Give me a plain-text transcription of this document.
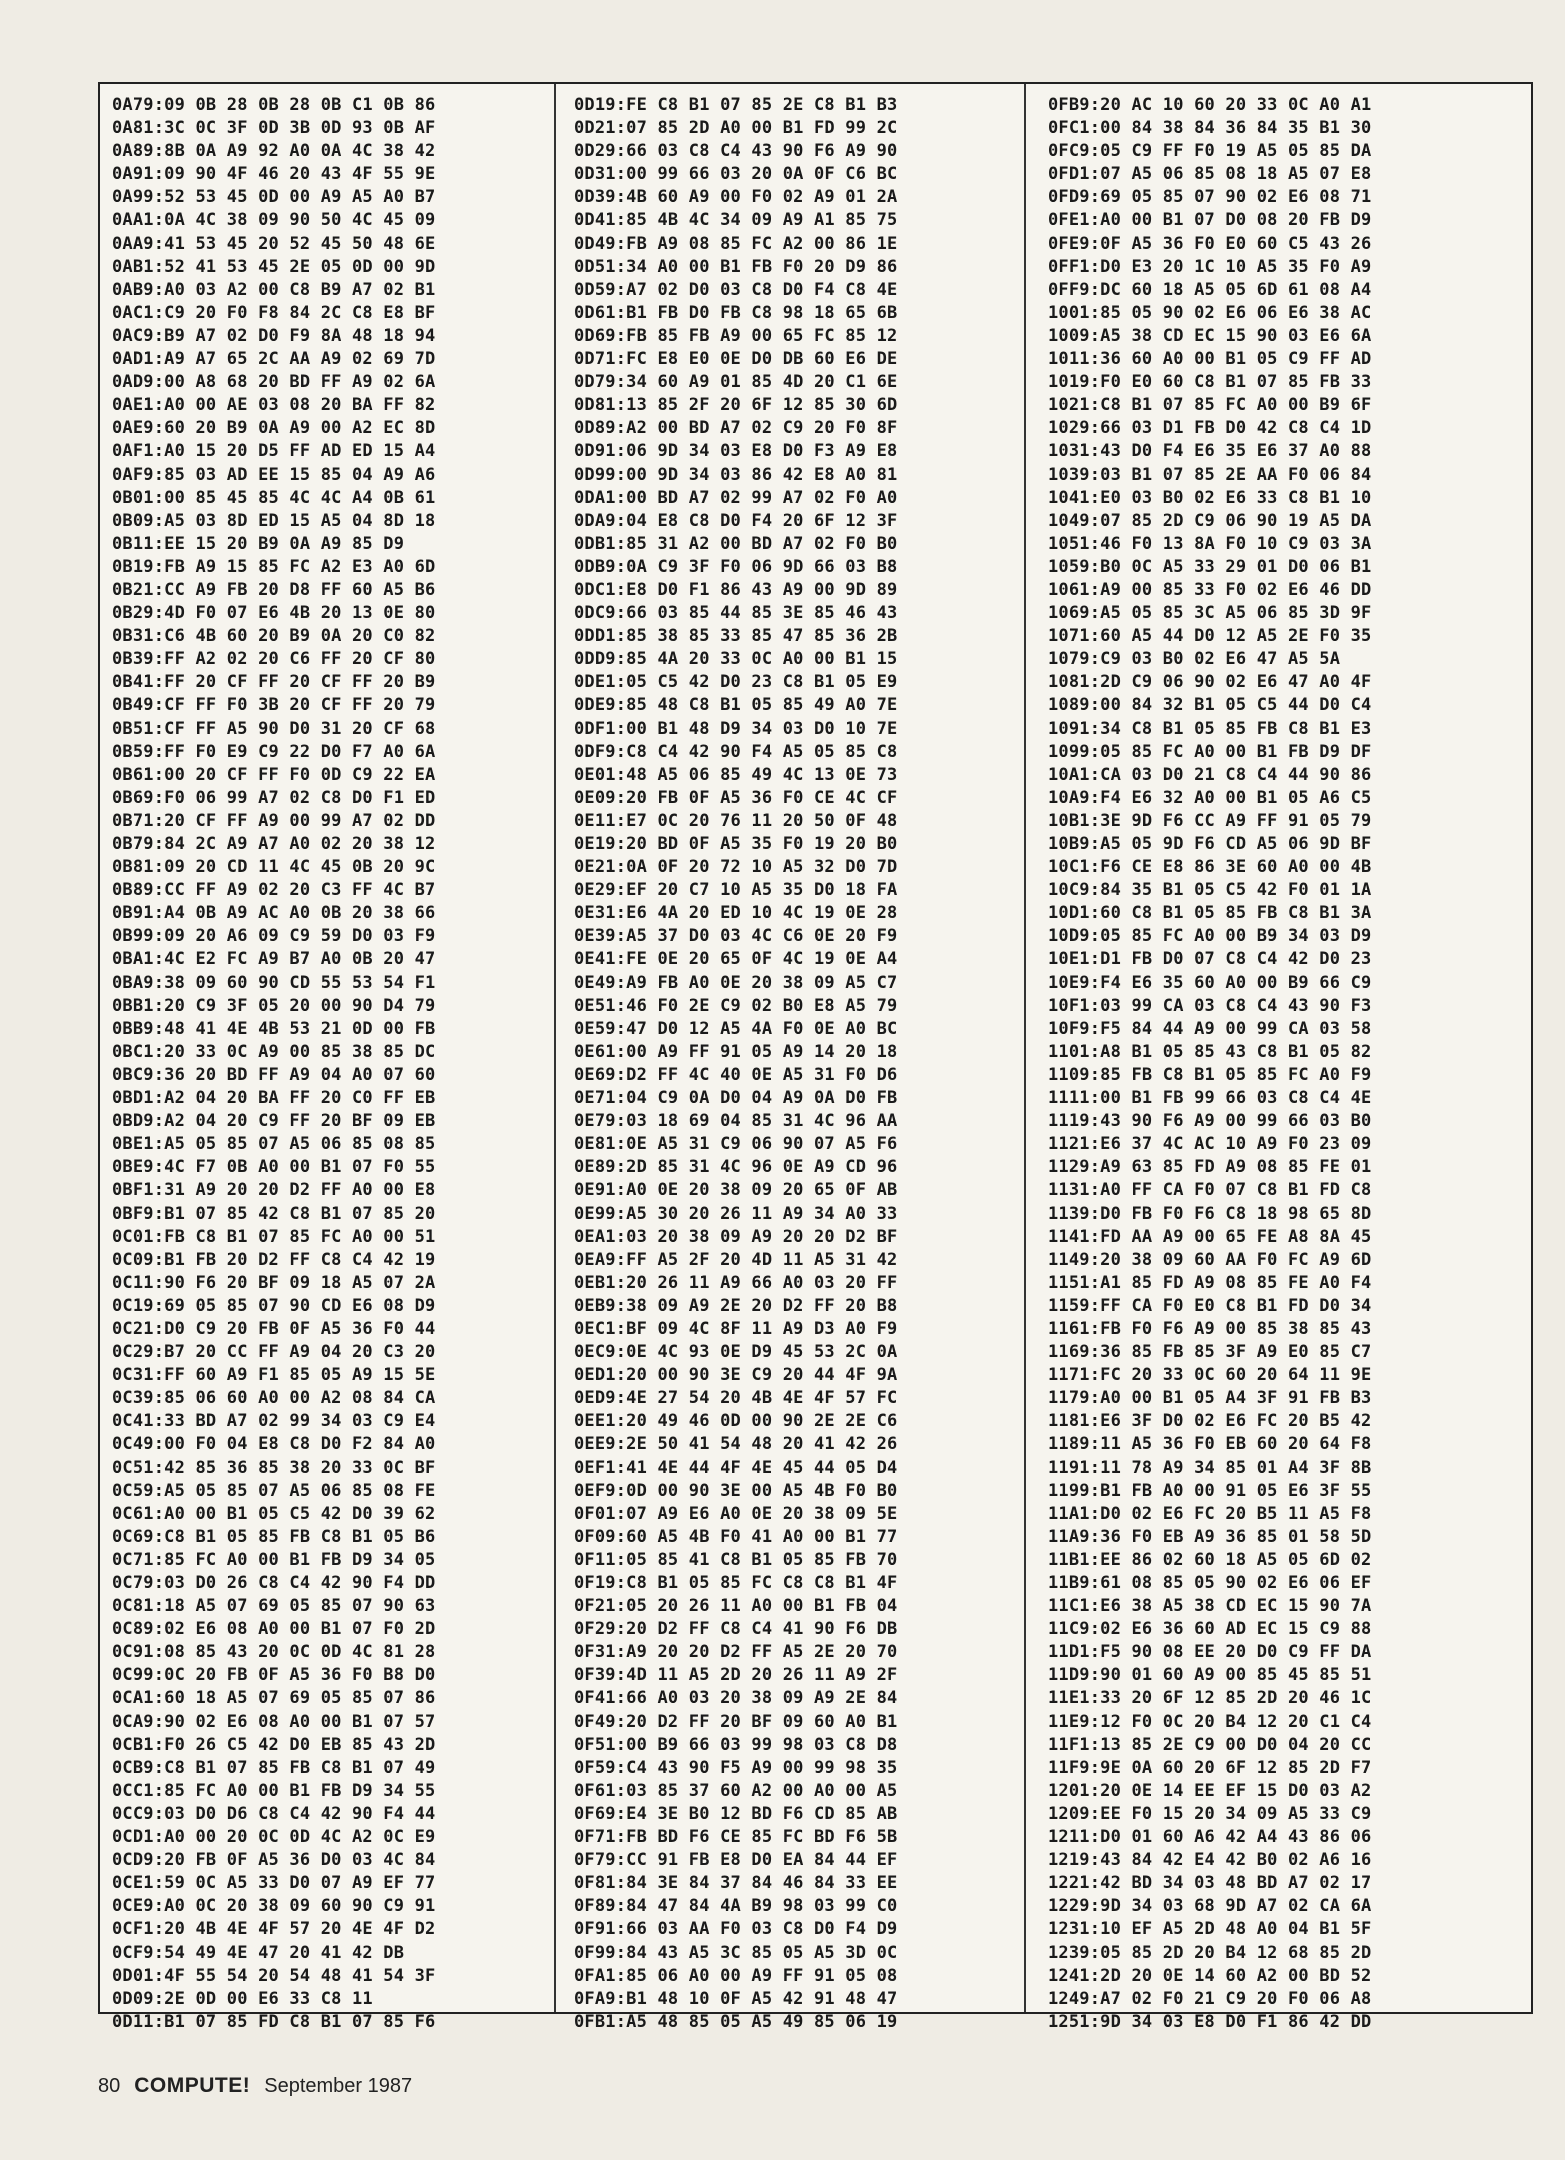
0A79:09 0B 28 0B 28 0B C1 0B 86
0A81:3C 0C 3F 0D 3B 0D 93 0B AF
0A89:8B 0A A9 92 A0 0A 4C 38 42
0A91:09 90 4F 46 20 43 4F 55 9E
0A99:52 53 45 0D 00 A9 A5 A0 B7
0AA1:0A 4C 38 09 90 50 4C 45 09
0AA9:41 53 45 20 52 45 50 48 6E
0AB1:52 41 53 45 2E 05 0D 00 9D
0AB9:A0 03 A2 00 C8 B9 A7 02 B1
0AC1:C9 20 F0 F8 84 2C C8 E8 BF
0AC9:B9 A7 02 D0 F9 8A 48 18 94
0AD1:A9 A7 65 2C AA A9 02 69 7D
0AD9:00 A8 68 20 BD FF A9 02 6A
0AE1:A0 00 AE 03 08 20 BA FF 82
0AE9:60 20 B9 0A A9 00 A2 EC 8D
0AF1:A0 15 20 D5 FF AD ED 15 A4
0AF9:85 03 AD EE 15 85 04 A9 A6
0B01:00 85 45 85 4C 4C A4 0B 61
0B09:A5 03 8D ED 15 A5 04 8D 18
0B11:EE 15 20 B9 0A A9 85 D9
0B19:FB A9 15 85 FC A2 E3 A0 6D
0B21:CC A9 FB 20 D8 FF 60 A5 B6
0B29:4D F0 07 E6 4B 20 13 0E 80
0B31:C6 4B 60 20 B9 0A 20 C0 82
0B39:FF A2 02 20 C6 FF 20 CF 80
0B41:FF 20 CF FF 20 CF FF 20 B9
0B49:CF FF F0 3B 20 CF FF 20 79
0B51:CF FF A5 90 D0 31 20 CF 68
0B59:FF F0 E9 C9 22 D0 F7 A0 6A
0B61:00 20 CF FF F0 0D C9 22 EA
0B69:F0 06 99 A7 02 C8 D0 F1 ED
0B71:20 CF FF A9 00 99 A7 02 DD
0B79:84 2C A9 A7 A0 02 20 38 12
0B81:09 20 CD 11 4C 45 0B 20 9C
0B89:CC FF A9 02 20 C3 FF 4C B7
0B91:A4 0B A9 AC A0 0B 20 38 66
0B99:09 20 A6 09 C9 59 D0 03 F9
0BA1:4C E2 FC A9 B7 A0 0B 20 47
0BA9:38 09 60 90 CD 55 53 54 F1
0BB1:20 C9 3F 05 20 00 90 D4 79
0BB9:48 41 4E 4B 53 21 0D 00 FB
0BC1:20 33 0C A9 00 85 38 85 DC
0BC9:36 20 BD FF A9 04 A0 07 60
0BD1:A2 04 20 BA FF 20 C0 FF EB
0BD9:A2 04 20 C9 FF 20 BF 09 EB
0BE1:A5 05 85 07 A5 06 85 08 85
0BE9:4C F7 0B A0 00 B1 07 F0 55
0BF1:31 A9 20 20 D2 FF A0 00 E8
0BF9:B1 07 85 42 C8 B1 07 85 20
0C01:FB C8 B1 07 85 FC A0 00 51
0C09:B1 FB 20 D2 FF C8 C4 42 19
0C11:90 F6 20 BF 09 18 A5 07 2A
0C19:69 05 85 07 90 CD E6 08 D9
0C21:D0 C9 20 FB 0F A5 36 F0 44
0C29:B7 20 CC FF A9 04 20 C3 20
0C31:FF 60 A9 F1 85 05 A9 15 5E
0C39:85 06 60 A0 00 A2 08 84 CA
0C41:33 BD A7 02 99 34 03 C9 E4
0C49:00 F0 04 E8 C8 D0 F2 84 A0
0C51:42 85 36 85 38 20 33 0C BF
0C59:A5 05 85 07 A5 06 85 08 FE
0C61:A0 00 B1 05 C5 42 D0 39 62
0C69:C8 B1 05 85 FB C8 B1 05 B6
0C71:85 FC A0 00 B1 FB D9 34 05
0C79:03 D0 26 C8 C4 42 90 F4 DD
0C81:18 A5 07 69 05 85 07 90 63
0C89:02 E6 08 A0 00 B1 07 F0 2D
0C91:08 85 43 20 0C 0D 4C 81 28
0C99:0C 20 FB 0F A5 36 F0 B8 D0
0CA1:60 18 A5 07 69 05 85 07 86
0CA9:90 02 E6 08 A0 00 B1 07 57
0CB1:F0 26 C5 42 D0 EB 85 43 2D
0CB9:C8 B1 07 85 FB C8 B1 07 49
0CC1:85 FC A0 00 B1 FB D9 34 55
0CC9:03 D0 D6 C8 C4 42 90 F4 44
0CD1:A0 00 20 0C 0D 4C A2 0C E9
0CD9:20 FB 0F A5 36 D0 03 4C 84
0CE1:59 0C A5 33 D0 07 A9 EF 77
0CE9:A0 0C 20 38 09 60 90 C9 91
0CF1:20 4B 4E 4F 57 20 4E 4F D2
0CF9:54 49 4E 47 20 41 42 DB
0D01:4F 55 54 20 54 48 41 54 3F
0D09:2E 0D 00 E6 33 C8 11
0D11:B1 07 85 FD C8 B1 07 85 F6
0D19:FE C8 B1 07 85 2E C8 B1 B3
0D21:07 85 2D A0 00 B1 FD 99 2C
0D29:66 03 C8 C4 43 90 F6 A9 90
0D31:00 99 66 03 20 0A 0F C6 BC
0D39:4B 60 A9 00 F0 02 A9 01 2A
0D41:85 4B 4C 34 09 A9 A1 85 75
0D49:FB A9 08 85 FC A2 00 86 1E
0D51:34 A0 00 B1 FB F0 20 D9 86
0D59:A7 02 D0 03 C8 D0 F4 C8 4E
0D61:B1 FB D0 FB C8 98 18 65 6B
0D69:FB 85 FB A9 00 65 FC 85 12
0D71:FC E8 E0 0E D0 DB 60 E6 DE
0D79:34 60 A9 01 85 4D 20 C1 6E
0D81:13 85 2F 20 6F 12 85 30 6D
0D89:A2 00 BD A7 02 C9 20 F0 8F
0D91:06 9D 34 03 E8 D0 F3 A9 E8
0D99:00 9D 34 03 86 42 E8 A0 81
0DA1:00 BD A7 02 99 A7 02 F0 A0
0DA9:04 E8 C8 D0 F4 20 6F 12 3F
0DB1:85 31 A2 00 BD A7 02 F0 B0
0DB9:0A C9 3F F0 06 9D 66 03 B8
0DC1:E8 D0 F1 86 43 A9 00 9D 89
0DC9:66 03 85 44 85 3E 85 46 43
0DD1:85 38 85 33 85 47 85 36 2B
0DD9:85 4A 20 33 0C A0 00 B1 15
0DE1:05 C5 42 D0 23 C8 B1 05 E9
0DE9:85 48 C8 B1 05 85 49 A0 7E
0DF1:00 B1 48 D9 34 03 D0 10 7E
0DF9:C8 C4 42 90 F4 A5 05 85 C8
0E01:48 A5 06 85 49 4C 13 0E 73
0E09:20 FB 0F A5 36 F0 CE 4C CF
0E11:E7 0C 20 76 11 20 50 0F 48
0E19:20 BD 0F A5 35 F0 19 20 B0
0E21:0A 0F 20 72 10 A5 32 D0 7D
0E29:EF 20 C7 10 A5 35 D0 18 FA
0E31:E6 4A 20 ED 10 4C 19 0E 28
0E39:A5 37 D0 03 4C C6 0E 20 F9
0E41:FE 0E 20 65 0F 4C 19 0E A4
0E49:A9 FB A0 0E 20 38 09 A5 C7
0E51:46 F0 2E C9 02 B0 E8 A5 79
0E59:47 D0 12 A5 4A F0 0E A0 BC
0E61:00 A9 FF 91 05 A9 14 20 18
0E69:D2 FF 4C 40 0E A5 31 F0 D6
0E71:04 C9 0A D0 04 A9 0A D0 FB
0E79:03 18 69 04 85 31 4C 96 AA
0E81:0E A5 31 C9 06 90 07 A5 F6
0E89:2D 85 31 4C 96 0E A9 CD 96
0E91:A0 0E 20 38 09 20 65 0F AB
0E99:A5 30 20 26 11 A9 34 A0 33
0EA1:03 20 38 09 A9 20 20 D2 BF
0EA9:FF A5 2F 20 4D 11 A5 31 42
0EB1:20 26 11 A9 66 A0 03 20 FF
0EB9:38 09 A9 2E 20 D2 FF 20 B8
0EC1:BF 09 4C 8F 11 A9 D3 A0 F9
0EC9:0E 4C 93 0E D9 45 53 2C 0A
0ED1:20 00 90 3E C9 20 44 4F 9A
0ED9:4E 27 54 20 4B 4E 4F 57 FC
0EE1:20 49 46 0D 00 90 2E 2E C6
0EE9:2E 50 41 54 48 20 41 42 26
0EF1:41 4E 44 4F 4E 45 44 05 D4
0EF9:0D 00 90 3E 00 A5 4B F0 B0
0F01:07 A9 E6 A0 0E 20 38 09 5E
0F09:60 A5 4B F0 41 A0 00 B1 77
0F11:05 85 41 C8 B1 05 85 FB 70
0F19:C8 B1 05 85 FC C8 C8 B1 4F
0F21:05 20 26 11 A0 00 B1 FB 04
0F29:20 D2 FF C8 C4 41 90 F6 DB
0F31:A9 20 20 D2 FF A5 2E 20 70
0F39:4D 11 A5 2D 20 26 11 A9 2F
0F41:66 A0 03 20 38 09 A9 2E 84
0F49:20 D2 FF 20 BF 09 60 A0 B1
0F51:00 B9 66 03 99 98 03 C8 D8
0F59:C4 43 90 F5 A9 00 99 98 35
0F61:03 85 37 60 A2 00 A0 00 A5
0F69:E4 3E B0 12 BD F6 CD 85 AB
0F71:FB BD F6 CE 85 FC BD F6 5B
0F79:CC 91 FB E8 D0 EA 84 44 EF
0F81:84 3E 84 37 84 46 84 33 EE
0F89:84 47 84 4A B9 98 03 99 C0
0F91:66 03 AA F0 03 C8 D0 F4 D9
0F99:84 43 A5 3C 85 05 A5 3D 0C
0FA1:85 06 A0 00 A9 FF 91 05 08
0FA9:B1 48 10 0F A5 42 91 48 47
0FB1:A5 48 85 05 A5 49 85 06 19
0FB9:20 AC 10 60 20 33 0C A0 A1
0FC1:00 84 38 84 36 84 35 B1 30
0FC9:05 C9 FF F0 19 A5 05 85 DA
0FD1:07 A5 06 85 08 18 A5 07 E8
0FD9:69 05 85 07 90 02 E6 08 71
0FE1:A0 00 B1 07 D0 08 20 FB D9
0FE9:0F A5 36 F0 E0 60 C5 43 26
0FF1:D0 E3 20 1C 10 A5 35 F0 A9
0FF9:DC 60 18 A5 05 6D 61 08 A4
1001:85 05 90 02 E6 06 E6 38 AC
1009:A5 38 CD EC 15 90 03 E6 6A
1011:36 60 A0 00 B1 05 C9 FF AD
1019:F0 E0 60 C8 B1 07 85 FB 33
1021:C8 B1 07 85 FC A0 00 B9 6F
1029:66 03 D1 FB D0 42 C8 C4 1D
1031:43 D0 F4 E6 35 E6 37 A0 88
1039:03 B1 07 85 2E AA F0 06 84
1041:E0 03 B0 02 E6 33 C8 B1 10
1049:07 85 2D C9 06 90 19 A5 DA
1051:46 F0 13 8A F0 10 C9 03 3A
1059:B0 0C A5 33 29 01 D0 06 B1
1061:A9 00 85 33 F0 02 E6 46 DD
1069:A5 05 85 3C A5 06 85 3D 9F
1071:60 A5 44 D0 12 A5 2E F0 35
1079:C9 03 B0 02 E6 47 A5 5A
1081:2D C9 06 90 02 E6 47 A0 4F
1089:00 84 32 B1 05 C5 44 D0 C4
1091:34 C8 B1 05 85 FB C8 B1 E3
1099:05 85 FC A0 00 B1 FB D9 DF
10A1:CA 03 D0 21 C8 C4 44 90 86
10A9:F4 E6 32 A0 00 B1 05 A6 C5
10B1:3E 9D F6 CC A9 FF 91 05 79
10B9:A5 05 9D F6 CD A5 06 9D BF
10C1:F6 CE E8 86 3E 60 A0 00 4B
10C9:84 35 B1 05 C5 42 F0 01 1A
10D1:60 C8 B1 05 85 FB C8 B1 3A
10D9:05 85 FC A0 00 B9 34 03 D9
10E1:D1 FB D0 07 C8 C4 42 D0 23
10E9:F4 E6 35 60 A0 00 B9 66 C9
10F1:03 99 CA 03 C8 C4 43 90 F3
10F9:F5 84 44 A9 00 99 CA 03 58
1101:A8 B1 05 85 43 C8 B1 05 82
1109:85 FB C8 B1 05 85 FC A0 F9
1111:00 B1 FB 99 66 03 C8 C4 4E
1119:43 90 F6 A9 00 99 66 03 B0
1121:E6 37 4C AC 10 A9 F0 23 09
1129:A9 63 85 FD A9 08 85 FE 01
1131:A0 FF CA F0 07 C8 B1 FD C8
1139:D0 FB F0 F6 C8 18 98 65 8D
1141:FD AA A9 00 65 FE A8 8A 45
1149:20 38 09 60 AA F0 FC A9 6D
1151:A1 85 FD A9 08 85 FE A0 F4
1159:FF CA F0 E0 C8 B1 FD D0 34
1161:FB F0 F6 A9 00 85 38 85 43
1169:36 85 FB 85 3F A9 E0 85 C7
1171:FC 20 33 0C 60 20 64 11 9E
1179:A0 00 B1 05 A4 3F 91 FB B3
1181:E6 3F D0 02 E6 FC 20 B5 42
1189:11 A5 36 F0 EB 60 20 64 F8
1191:11 78 A9 34 85 01 A4 3F 8B
1199:B1 FB A0 00 91 05 E6 3F 55
11A1:D0 02 E6 FC 20 B5 11 A5 F8
11A9:36 F0 EB A9 36 85 01 58 5D
11B1:EE 86 02 60 18 A5 05 6D 02
11B9:61 08 85 05 90 02 E6 06 EF
11C1:E6 38 A5 38 CD EC 15 90 7A
11C9:02 E6 36 60 AD EC 15 C9 88
11D1:F5 90 08 EE 20 D0 C9 FF DA
11D9:90 01 60 A9 00 85 45 85 51
11E1:33 20 6F 12 85 2D 20 46 1C
11E9:12 F0 0C 20 B4 12 20 C1 C4
11F1:13 85 2E C9 00 D0 04 20 CC
11F9:9E 0A 60 20 6F 12 85 2D F7
1201:20 0E 14 EE EF 15 D0 03 A2
1209:EE F0 15 20 34 09 A5 33 C9
1211:D0 01 60 A6 42 A4 43 86 06
1219:43 84 42 E4 42 B0 02 A6 16
1221:42 BD 34 03 48 BD A7 02 17
1229:9D 34 03 68 9D A7 02 CA 6A
1231:10 EF A5 2D 48 A0 04 B1 5F
1239:05 85 2D 20 B4 12 68 85 2D
1241:2D 20 0E 14 60 A2 00 BD 52
1249:A7 02 F0 21 C9 20 F0 06 A8
1251:9D 34 03 E8 D0 F1 86 42 DD
80 COMPUTE! September 1987
